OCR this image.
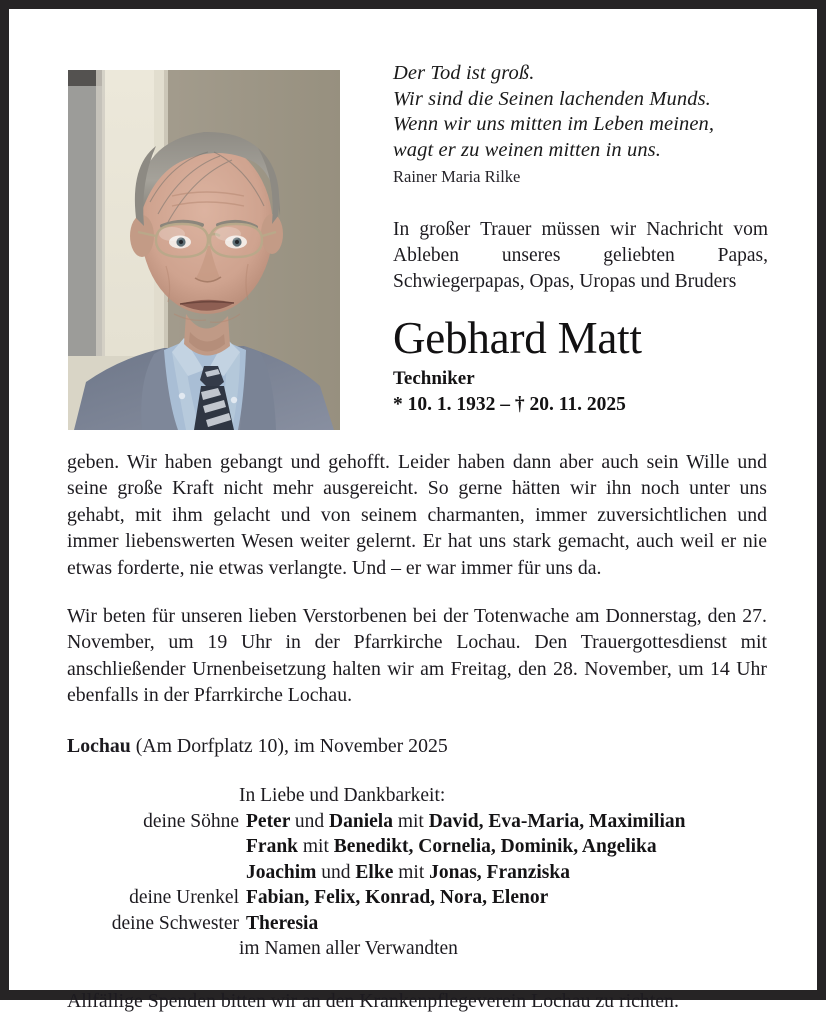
Der Tod ist groß.
Wir sind die Seinen lachenden Munds.
Wenn wir uns mitten im Leben meinen,
wagt er zu weinen mitten in uns.
Rainer Maria Rilke
In großer Trauer müssen wir Nachricht vom Ableben unseres geliebten Papas, Schwiegerpapas, Opas, Uropas und Bruders
Gebhard Matt
Techniker
* 10. 1. 1932 – † 20. 11. 2025
geben. Wir haben gebangt und gehofft. Leider haben dann aber auch sein Wille und seine große Kraft nicht mehr ausgereicht. So gerne hätten wir ihn noch unter uns gehabt, mit ihm gelacht und von seinem charmanten, immer zuversichtlichen und immer liebenswerten Wesen weiter gelernt. Er hat uns stark gemacht, auch weil er nie etwas forderte, nie etwas verlangte. Und – er war immer für uns da.
Wir beten für unseren lieben Verstorbenen bei der Totenwache am Donnerstag, den 27. November, um 19 Uhr in der Pfarrkirche Lochau. Den Trauergottesdienst mit anschließender Urnenbeisetzung halten wir am Freitag, den 28. November, um 14 Uhr ebenfalls in der Pfarrkirche Lochau.
Lochau (Am Dorfplatz 10), im November 2025
In Liebe und Dankbarkeit:
deine Söhne	Peter und Daniela mit David, Eva-Maria, Maximilian
	Frank mit Benedikt, Cornelia, Dominik, Angelika
	Joachim und Elke mit Jonas, Franziska
deine Urenkel	Fabian, Felix, Konrad, Nora, Elenor
deine Schwester	Theresia
im Namen aller Verwandten
Allfällige Spenden bitten wir an den Krankenpflegeverein Lochau zu richten.
